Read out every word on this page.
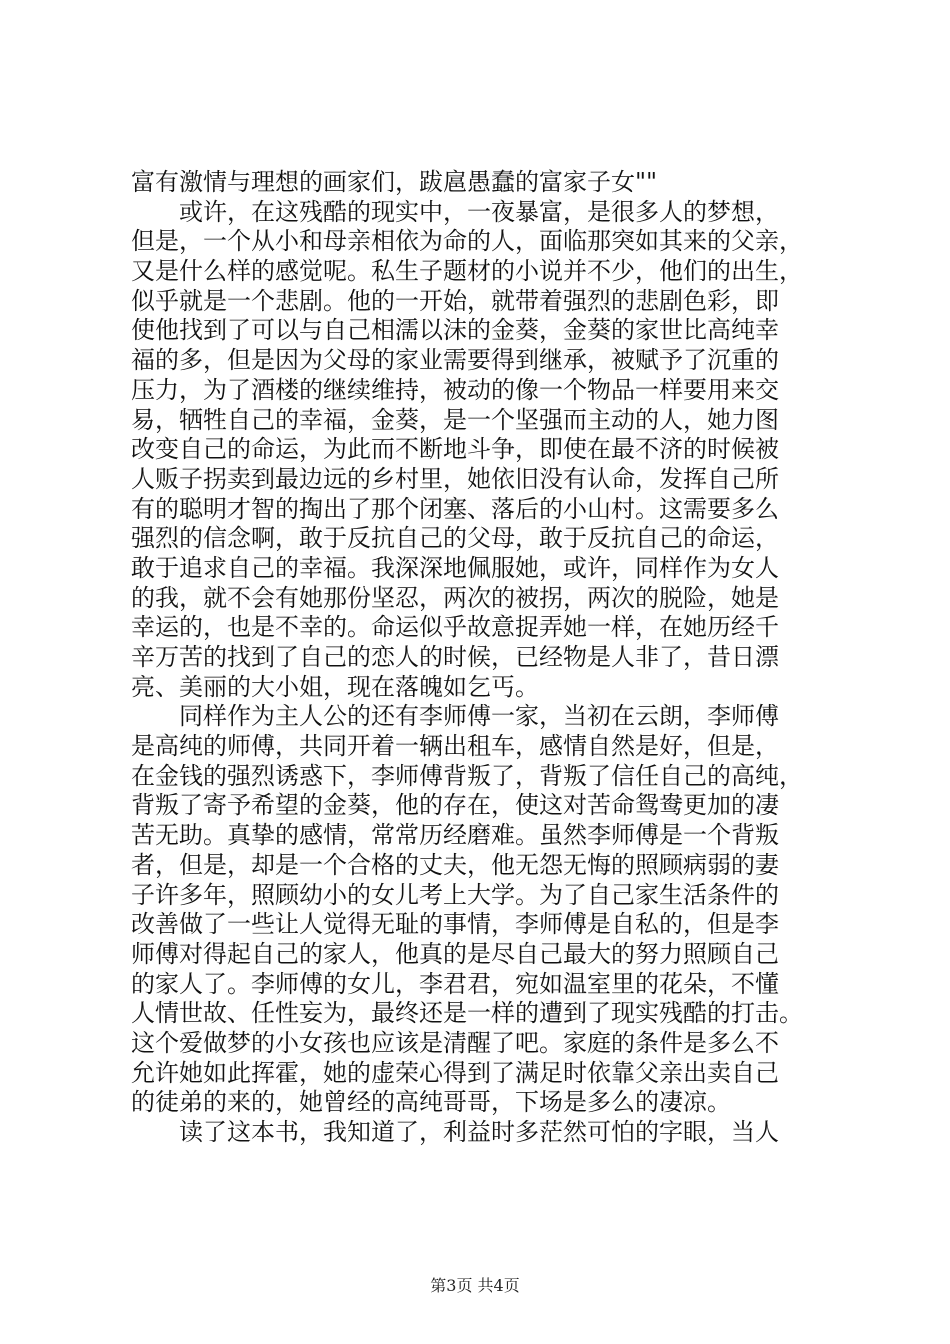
富有激情与理想的画家们，跋扈愚蠢的富家子女""
　　或许，在这残酷的现实中，一夜暴富，是很多人的梦想，
但是，一个从小和母亲相依为命的人，面临那突如其来的父亲，
又是什么样的感觉呢。私生子题材的小说并不少，他们的出生，
似乎就是一个悲剧。他的一开始，就带着强烈的悲剧色彩，即
使他找到了可以与自己相濡以沫的金葵，金葵的家世比高纯幸
福的多，但是因为父母的家业需要得到继承，被赋予了沉重的
压力，为了酒楼的继续维持，被动的像一个物品一样要用来交
易，牺牲自己的幸福，金葵，是一个坚强而主动的人，她力图
改变自己的命运，为此而不断地斗争，即使在最不济的时候被
人贩子拐卖到最边远的乡村里，她依旧没有认命，发挥自己所
有的聪明才智的掏出了那个闭塞、落后的小山村。这需要多么
强烈的信念啊，敢于反抗自己的父母，敢于反抗自己的命运，
敢于追求自己的幸福。我深深地佩服她，或许，同样作为女人
的我，就不会有她那份坚忍，两次的被拐，两次的脱险，她是
幸运的，也是不幸的。命运似乎故意捉弄她一样，在她历经千
辛万苦的找到了自己的恋人的时候，已经物是人非了，昔日漂
亮、美丽的大小姐，现在落魄如乞丐。
　　同样作为主人公的还有李师傅一家，当初在云朗，李师傅
是高纯的师傅，共同开着一辆出租车，感情自然是好，但是，
在金钱的强烈诱惑下，李师傅背叛了，背叛了信任自己的高纯，
背叛了寄予希望的金葵，他的存在，使这对苦命鸳鸯更加的凄
苦无助。真挚的感情，常常历经磨难。虽然李师傅是一个背叛
者，但是，却是一个合格的丈夫，他无怨无悔的照顾病弱的妻
子许多年，照顾幼小的女儿考上大学。为了自己家生活条件的
改善做了一些让人觉得无耻的事情，李师傅是自私的，但是李
师傅对得起自己的家人，他真的是尽自己最大的努力照顾自己
的家人了。李师傅的女儿，李君君，宛如温室里的花朵，不懂
人情世故、任性妄为，最终还是一样的遭到了现实残酷的打击。
这个爱做梦的小女孩也应该是清醒了吧。家庭的条件是多么不
允许她如此挥霍，她的虚荣心得到了满足时依靠父亲出卖自己
的徒弟的来的，她曾经的高纯哥哥，下场是多么的凄凉。
　　读了这本书，我知道了，利益时多茫然可怕的字眼，当人
第3页 共4页
